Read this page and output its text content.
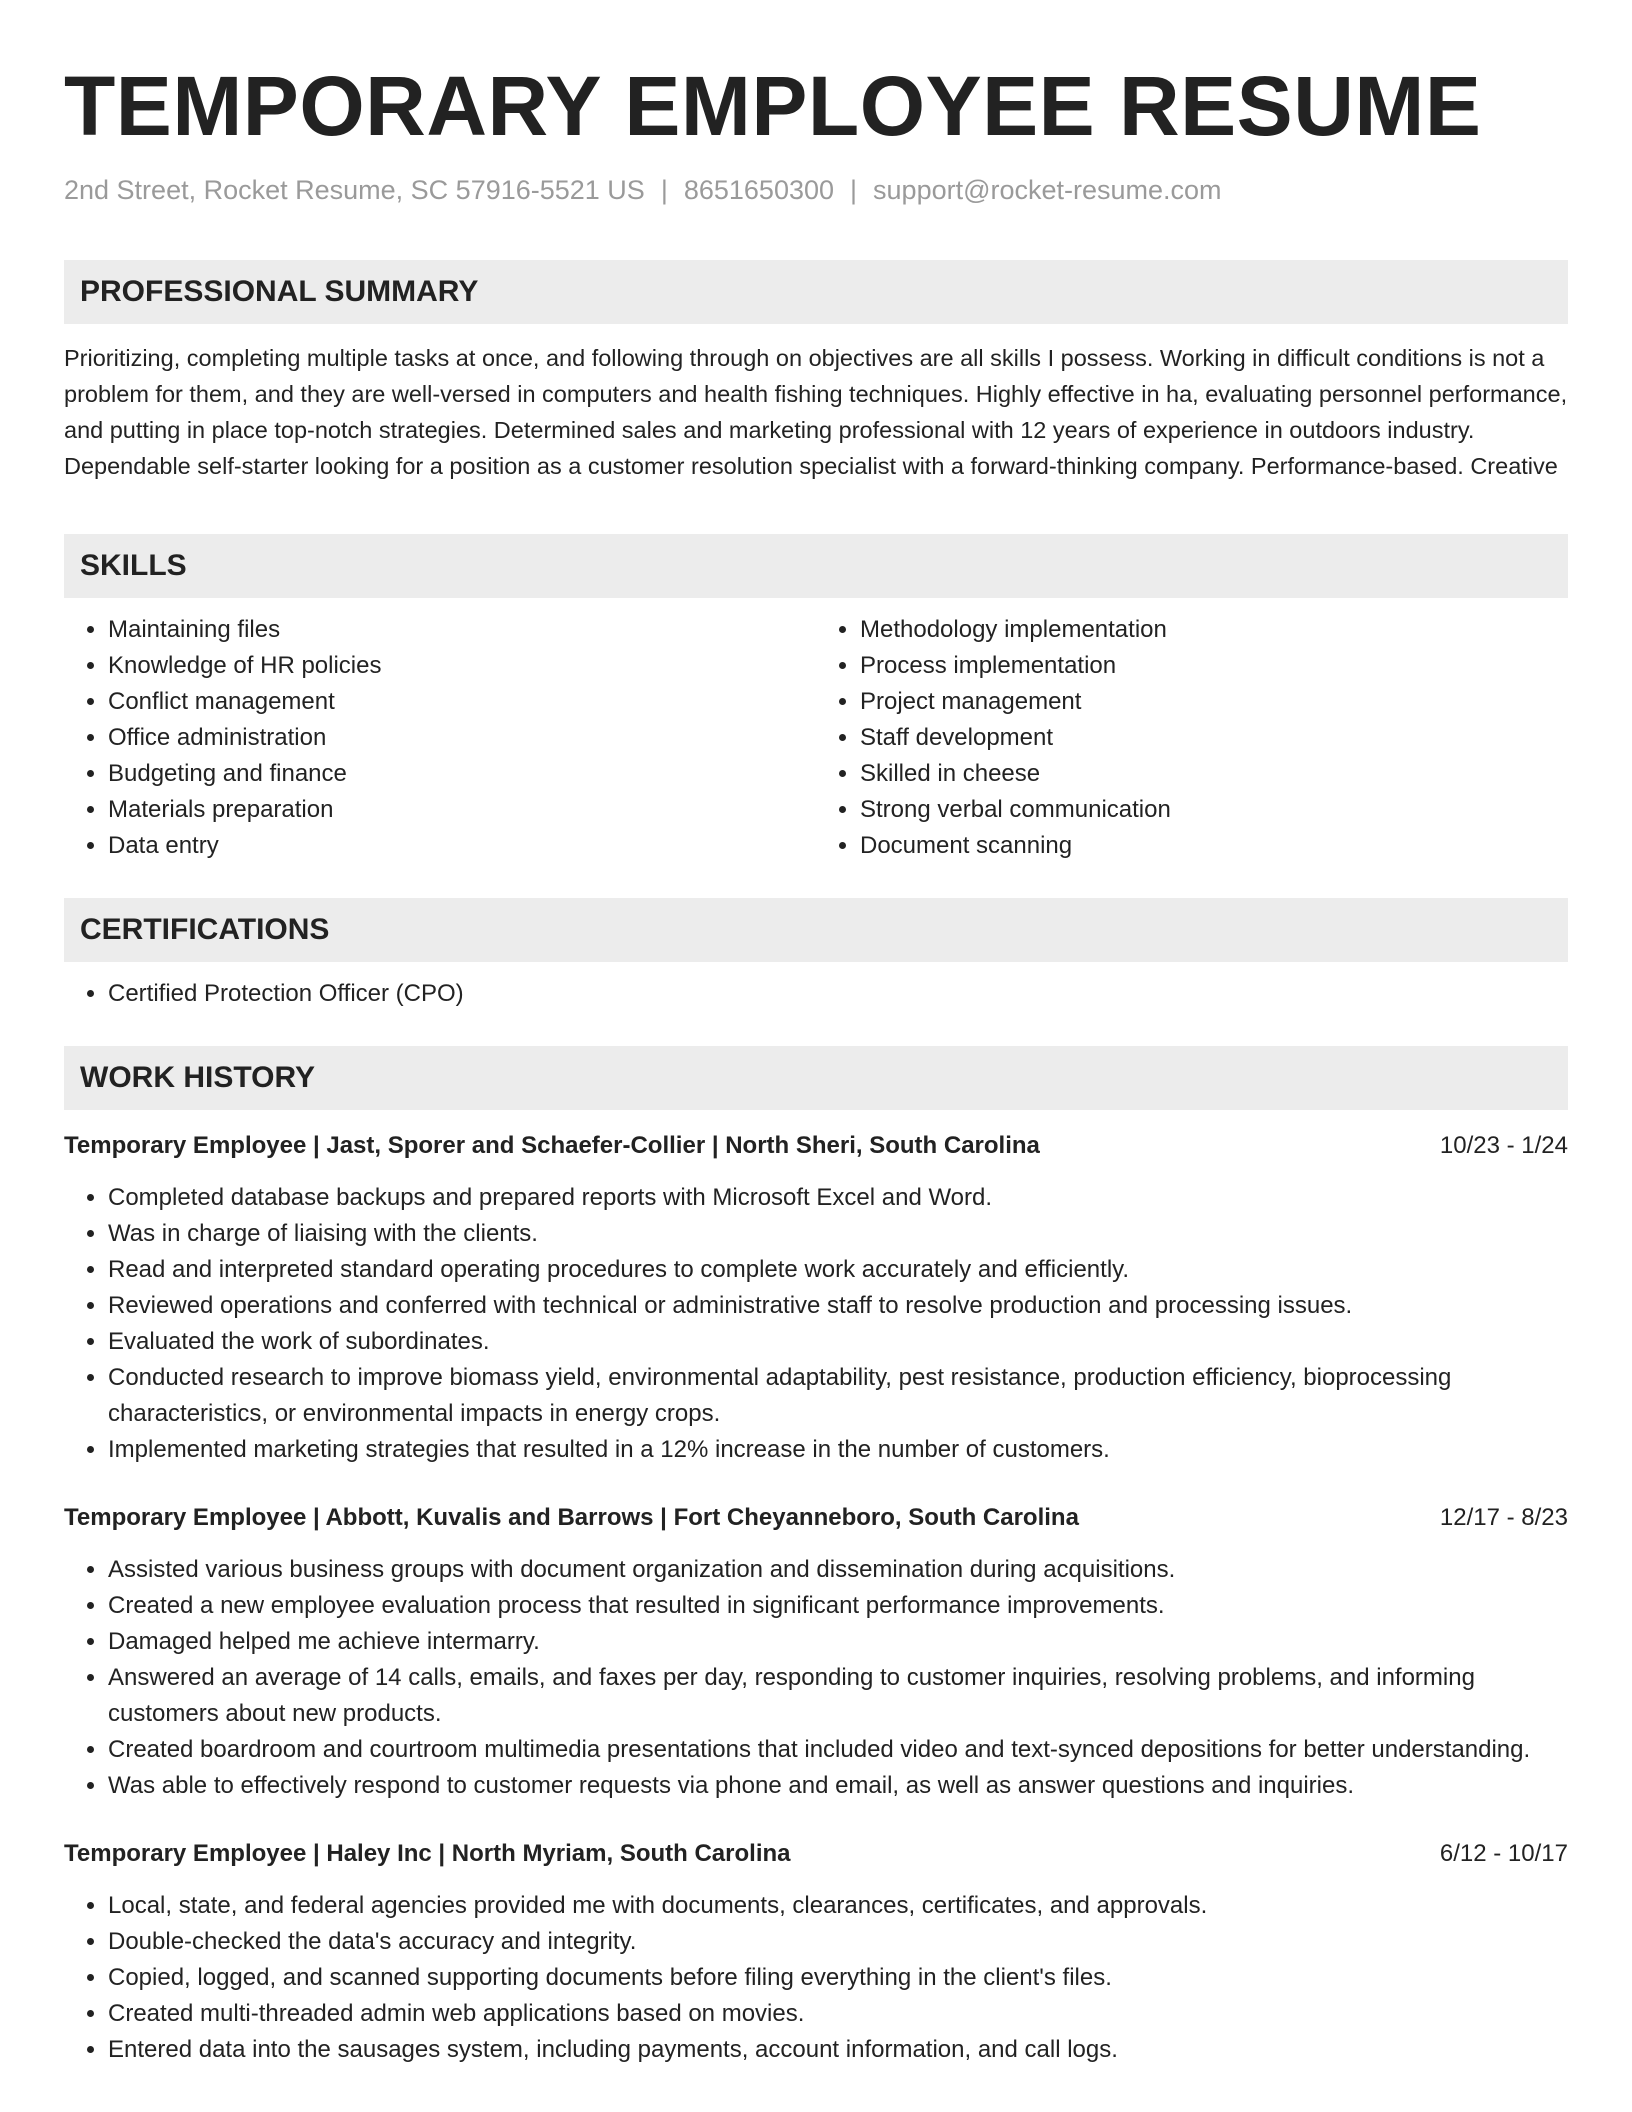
TEMPORARY EMPLOYEE RESUME
2nd Street, Rocket Resume, SC 57916-5521 US | 8651650300 | support@rocket-resume.com
PROFESSIONAL SUMMARY
Prioritizing, completing multiple tasks at once, and following through on objectives are all skills I possess. Working in difficult conditions is not a problem for them, and they are well-versed in computers and health fishing techniques. Highly effective in ha, evaluating personnel performance, and putting in place top-notch strategies. Determined sales and marketing professional with 12 years of experience in outdoors industry. Dependable self-starter looking for a position as a customer resolution specialist with a forward-thinking company. Performance-based. Creative
SKILLS
• Maintaining files
• Knowledge of HR policies
• Conflict management
• Office administration
• Budgeting and finance
• Materials preparation
• Data entry
• Methodology implementation
• Process implementation
• Project management
• Staff development
• Skilled in cheese
• Strong verbal communication
• Document scanning
CERTIFICATIONS
• Certified Protection Officer (CPO)
WORK HISTORY
Temporary Employee | Jast, Sporer and Schaefer-Collier | North Sheri, South Carolina	10/23 - 1/24
• Completed database backups and prepared reports with Microsoft Excel and Word.
• Was in charge of liaising with the clients.
• Read and interpreted standard operating procedures to complete work accurately and efficiently.
• Reviewed operations and conferred with technical or administrative staff to resolve production and processing issues.
• Evaluated the work of subordinates.
• Conducted research to improve biomass yield, environmental adaptability, pest resistance, production efficiency, bioprocessing characteristics, or environmental impacts in energy crops.
• Implemented marketing strategies that resulted in a 12% increase in the number of customers.
Temporary Employee | Abbott, Kuvalis and Barrows | Fort Cheyanneboro, South Carolina	12/17 - 8/23
• Assisted various business groups with document organization and dissemination during acquisitions.
• Created a new employee evaluation process that resulted in significant performance improvements.
• Damaged helped me achieve intermarry.
• Answered an average of 14 calls, emails, and faxes per day, responding to customer inquiries, resolving problems, and informing customers about new products.
• Created boardroom and courtroom multimedia presentations that included video and text-synced depositions for better understanding.
• Was able to effectively respond to customer requests via phone and email, as well as answer questions and inquiries.
Temporary Employee | Haley Inc | North Myriam, South Carolina	6/12 - 10/17
• Local, state, and federal agencies provided me with documents, clearances, certificates, and approvals.
• Double-checked the data's accuracy and integrity.
• Copied, logged, and scanned supporting documents before filing everything in the client's files.
• Created multi-threaded admin web applications based on movies.
• Entered data into the sausages system, including payments, account information, and call logs.
